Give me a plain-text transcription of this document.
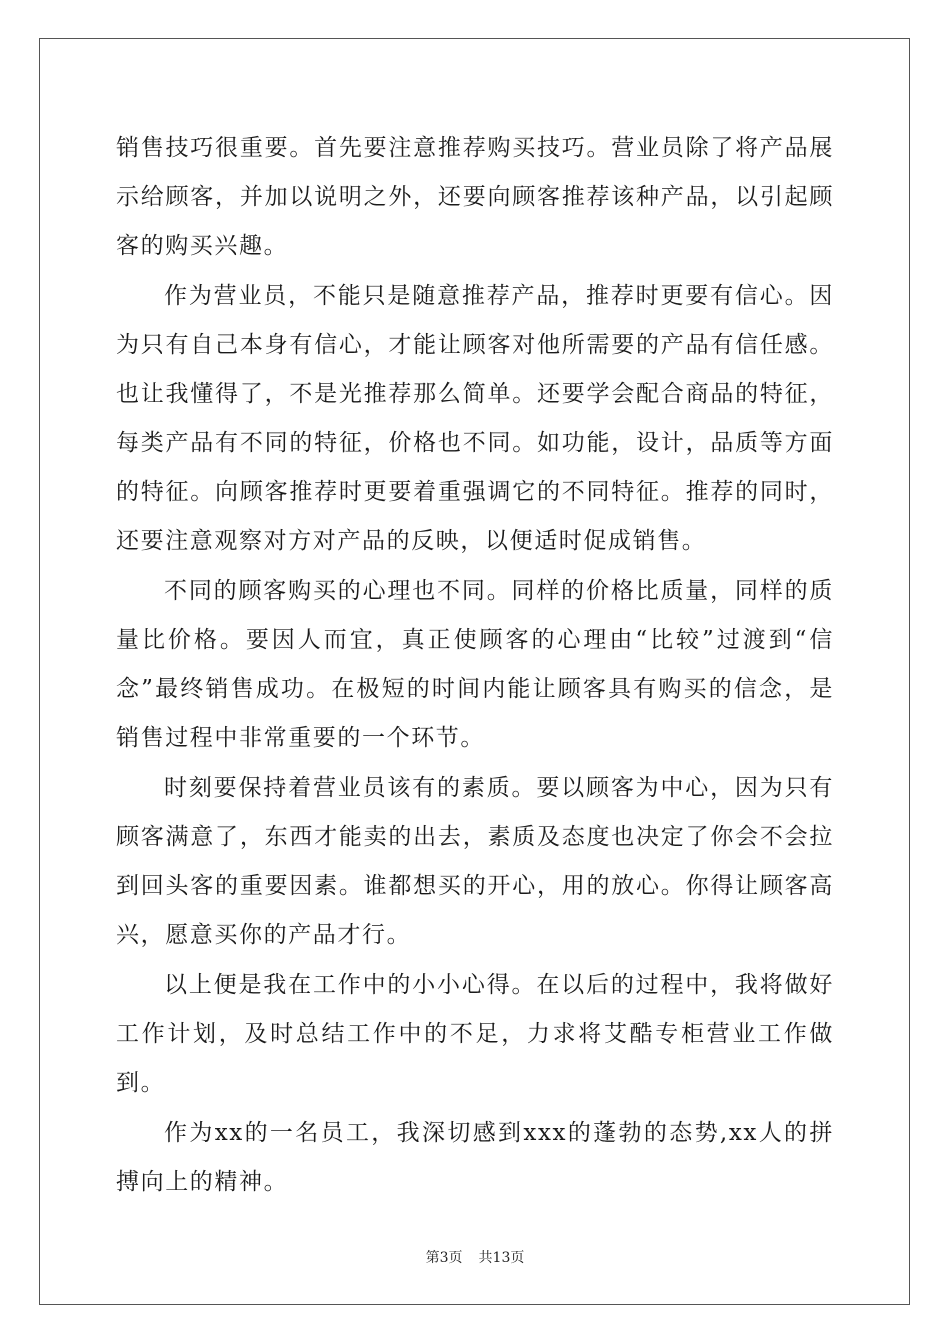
销售技巧很重要。首先要注意推荐购买技巧。营业员除了将产品展示给顾客，并加以说明之外，还要向顾客推荐该种产品，以引起顾客的购买兴趣。

作为营业员，不能只是随意推荐产品，推荐时更要有信心。因为只有自己本身有信心，才能让顾客对他所需要的产品有信任感。也让我懂得了，不是光推荐那么简单。还要学会配合商品的特征，每类产品有不同的特征，价格也不同。如功能，设计，品质等方面的特征。向顾客推荐时更要着重强调它的不同特征。推荐的同时，还要注意观察对方对产品的反映，以便适时促成销售。

不同的顾客购买的心理也不同。同样的价格比质量，同样的质量比价格。要因人而宜，真正使顾客的心理由“比较”过渡到“信念”最终销售成功。在极短的时间内能让顾客具有购买的信念，是销售过程中非常重要的一个环节。

时刻要保持着营业员该有的素质。要以顾客为中心，因为只有顾客满意了，东西才能卖的出去，素质及态度也决定了你会不会拉到回头客的重要因素。谁都想买的开心，用的放心。你得让顾客高兴，愿意买你的产品才行。

以上便是我在工作中的小小心得。在以后的过程中，我将做好工作计划，及时总结工作中的不足，力求将艾酷专柜营业工作做到。

作为xx的一名员工，我深切感到xxx的蓬勃的态势,xx人的拼搏向上的精神。

第3页 共13页
